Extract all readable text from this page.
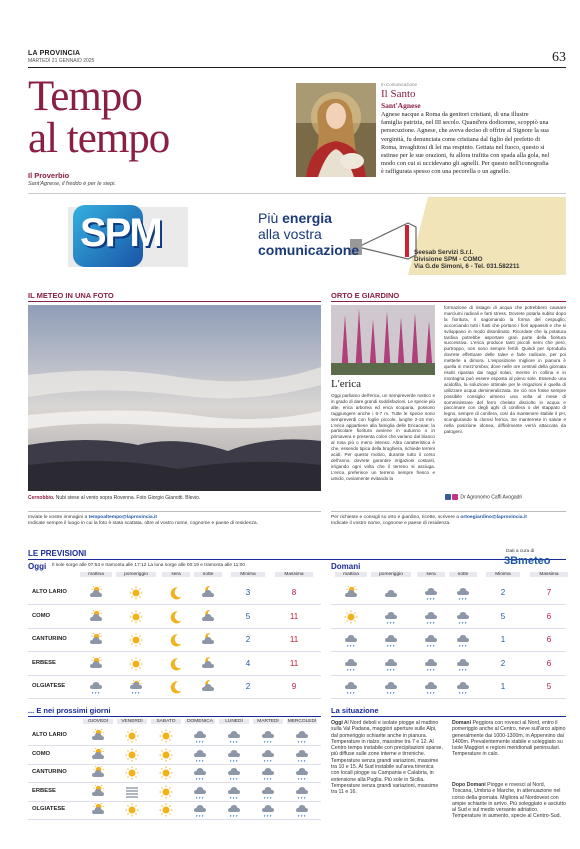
LA PROVINCIA
MARTEDÌ 21 GENNAIO 2025	63
Tempo
al tempo
Il Proverbio
Sant'Agnese, il freddo è per le siepi.
In Comunicazione
Il Santo
Sant'Agnese
Agnese nacque a Roma da genitori cristiani, di una illustre famiglia patrizia, nel III secolo. Quand'era dodicenne, scoppiò una persecuzione. Agnese, che aveva deciso di offrire al Signore la sua verginità, fu denunciata come cristiana dal figlio del prefetto di Roma, invaghitosi di lei ma respinto. Gettata nel fuoco, questo si estinse per le sue orazioni, fu allora trafitta con spada alla gola, nel modo con cui si uccidevano gli agnelli. Per questo nell'iconografia è raffigurata spesso con una pecorella o un agnello.
SPM	Più energia
alla vostra
comunicazione	Seesab Servizi S.r.l.
Divisione SPM - COMO
Via G.de Simoni, 6 - Tel. 031.582211
IL METEO IN UNA FOTO
Cernobbio. Nubi stese al vento sopra Rovenna. Foto Giorgio Gianotti. Blevio.
Inviate le vostre immagini a tempoaltempo@laprovincia.it
Indicate sempre il luogo in cui la foto è stata scattata, oltre al vostro nome, cognome e paese di residenza.
ORTO E GIARDINO
L'erica
Oggi parliamo dell'erica, un sempreverde rustico e in grado di dare grandi soddisfazioni. Le specie più alte, erica arborea ed erica scoparia, possono raggiungere anche i 6-7 m. Tutte le specie sono sempreverdi con foglie piccole, lunghe 2-15 mm. L'erica appartiene alla famiglia delle Ericaceae; la particolare fioritura avviene in autunno o in primavera e presenta colori che variano dal bianco al rosa più o meno intenso. Altra caratteristica è che, essendo tipica della brughiera, richiede terreni acidi. Per questo motivo, durante tutto il corso dell'anno, dovrete garantire irrigazioni costanti, irrigando ogni volta che il terreno si asciuga. L'erica preferisce un terreno sempre fresco e umido, ovviamente evitando la
formazione di ristagni di acqua che potrebbero causare marciumi radicali e farti stress. Dovrete potarla subito dopo la fioritura, ri sagomando la forma del cespuglio, accorciando tutti i fusti che portano i fiori appassiti e che si sviluppano in modo disordinato. Ricordate che la potatura tardiva potrebbe asportare gran parte della fioritura successiva. L'erica produce tanti piccoli semi che però, purtroppo, non sono sempre fertili. Quindi per riprodurla dovrete effettuare delle talee e farle radicare, per poi metterle a dimora. L'esposizione migliore in pianura è quella in mezz'ombra; dove nelle ore centrali della giornata risulti riparata dai raggi solari, mentre in collina e in montagna può essere esposta al pieno sole. Essendo una acidofila, la soluzione ottimale per le irrigazioni è quella di utilizzare acqua demineralizzata. Se ciò non fosse sempre possibile consiglio almeno una volta al mese di somministrare del ferro chelato disciolto in acqua e paccimare con degli aghi di conifera o del stappato di legno, sempre di conifera, così da mantenere stabile il pH, scongiurando la clorosi ferrica. Se manterrete in salute e nella posizione idonea, difficilmente verrà attaccata da patogeni.
Dr Agronomo Caffi Avogadri
Per richieste e consigli su orto e giardino, ricette, scrivere a ortoegiardino@laprovincia.it
Indicate il vostro nome, cognome e paese di residenza.
LE PREVISIONI	Dati a cura di
3Bmeteo
Oggi Il sole sorge alle 07:53 e tramonta alle 17:12 La luna sorge alle 00:19 e tramonta alle 11:00	Domani
mattina	pomeriggio	sera	notte	Minima	Massima
ALTO LARIO	3	8
COMO	5	11
CANTURINO	2	11
ERBESE	4	11
OLGIATESE	2	9
mattina	pomeriggio	sera	notte	Minima	Massima
2	7
5	6
1	6
2	6
1	5
... E nei prossimi giorni
GIOVEDÌ	VENERDÌ	SABATO	DOMENICA	LUNEDÌ	MARTEDÌ	MERCOLEDÌ
ALTO LARIO
COMO
CANTURINO
ERBESE
OLGIATESE
La situazione
Oggi Al Nord deboli e isolate piogge al mattino sulla Val Padana, maggiori aperture sulle Alpi, dal pomeriggio schiarite anche in pianura. Temperature in rialzo, massime tra 7 e 12. Al Centro tempo instabile con precipitazioni sparse, più diffuse sulle zone interne e tirreniche. Temperature senza grandi variazioni, massime tra 10 e 15. Al Sud instabile sul'area tirrenica con locali piogge su Campania e Calabria, in estensione alla Puglia. Più sole in Sicilia. Temperature senza grandi variazioni, massime tra 11 e 16.
Domani Peggiora con rovesci al Nord, entro il pomeriggio anche al Centro, neve sull'arco alpino generalmente dai 1000-1300m, in Appennino dai 1400m. Prevalentemente stabile e soleggiato su Isole Maggiori e regioni meridionali peninsulari. Temperature in calo.
Dopo Domani Piogge e rovesci al Nord, Toscana, Umbria e Marche, in attenuazione nel corso della giornata. Migliora al Nordovest con ampie schiarite in arrivo. Più soleggiato e asciutto al Sud e sul medio versante adriatico. Temperature in aumento, specie al Centro-Sud.
